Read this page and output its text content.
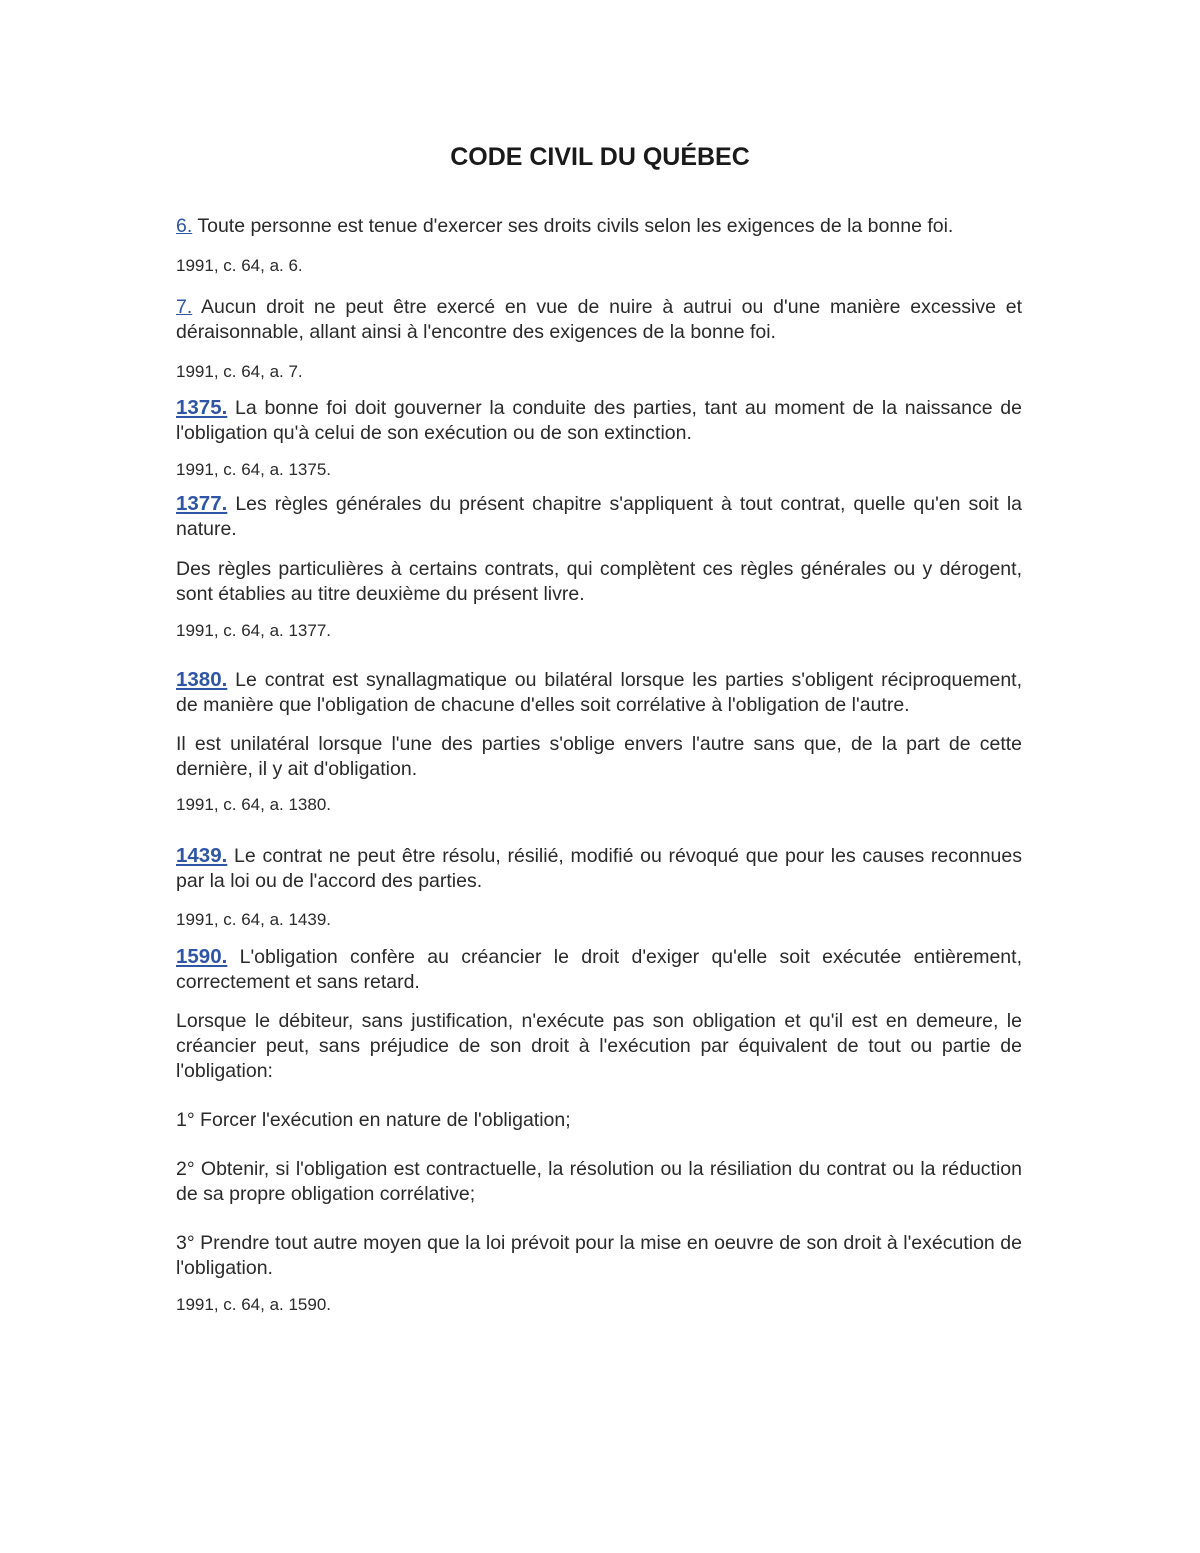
CODE CIVIL DU QUÉBEC

6. Toute personne est tenue d'exercer ses droits civils selon les exigences de la bonne foi.

1991, c. 64, a. 6.

7. Aucun droit ne peut être exercé en vue de nuire à autrui ou d'une manière excessive et déraisonnable, allant ainsi à l'encontre des exigences de la bonne foi.

1991, c. 64, a. 7.

1375. La bonne foi doit gouverner la conduite des parties, tant au moment de la naissance de l'obligation qu'à celui de son exécution ou de son extinction.

1991, c. 64, a. 1375.

1377. Les règles générales du présent chapitre s'appliquent à tout contrat, quelle qu'en soit la nature.

Des règles particulières à certains contrats, qui complètent ces règles générales ou y dérogent, sont établies au titre deuxième du présent livre.

1991, c. 64, a. 1377.

1380. Le contrat est synallagmatique ou bilatéral lorsque les parties s'obligent réciproquement, de manière que l'obligation de chacune d'elles soit corrélative à l'obligation de l'autre.

Il est unilatéral lorsque l'une des parties s'oblige envers l'autre sans que, de la part de cette dernière, il y ait d'obligation.

1991, c. 64, a. 1380.

1439. Le contrat ne peut être résolu, résilié, modifié ou révoqué que pour les causes reconnues par la loi ou de l'accord des parties.

1991, c. 64, a. 1439.

1590. L'obligation confère au créancier le droit d'exiger qu'elle soit exécutée entièrement, correctement et sans retard.

Lorsque le débiteur, sans justification, n'exécute pas son obligation et qu'il est en demeure, le créancier peut, sans préjudice de son droit à l'exécution par équivalent de tout ou partie de l'obligation:

1° Forcer l'exécution en nature de l'obligation;

2° Obtenir, si l'obligation est contractuelle, la résolution ou la résiliation du contrat ou la réduction de sa propre obligation corrélative;

3° Prendre tout autre moyen que la loi prévoit pour la mise en oeuvre de son droit à l'exécution de l'obligation.

1991, c. 64, a. 1590.
